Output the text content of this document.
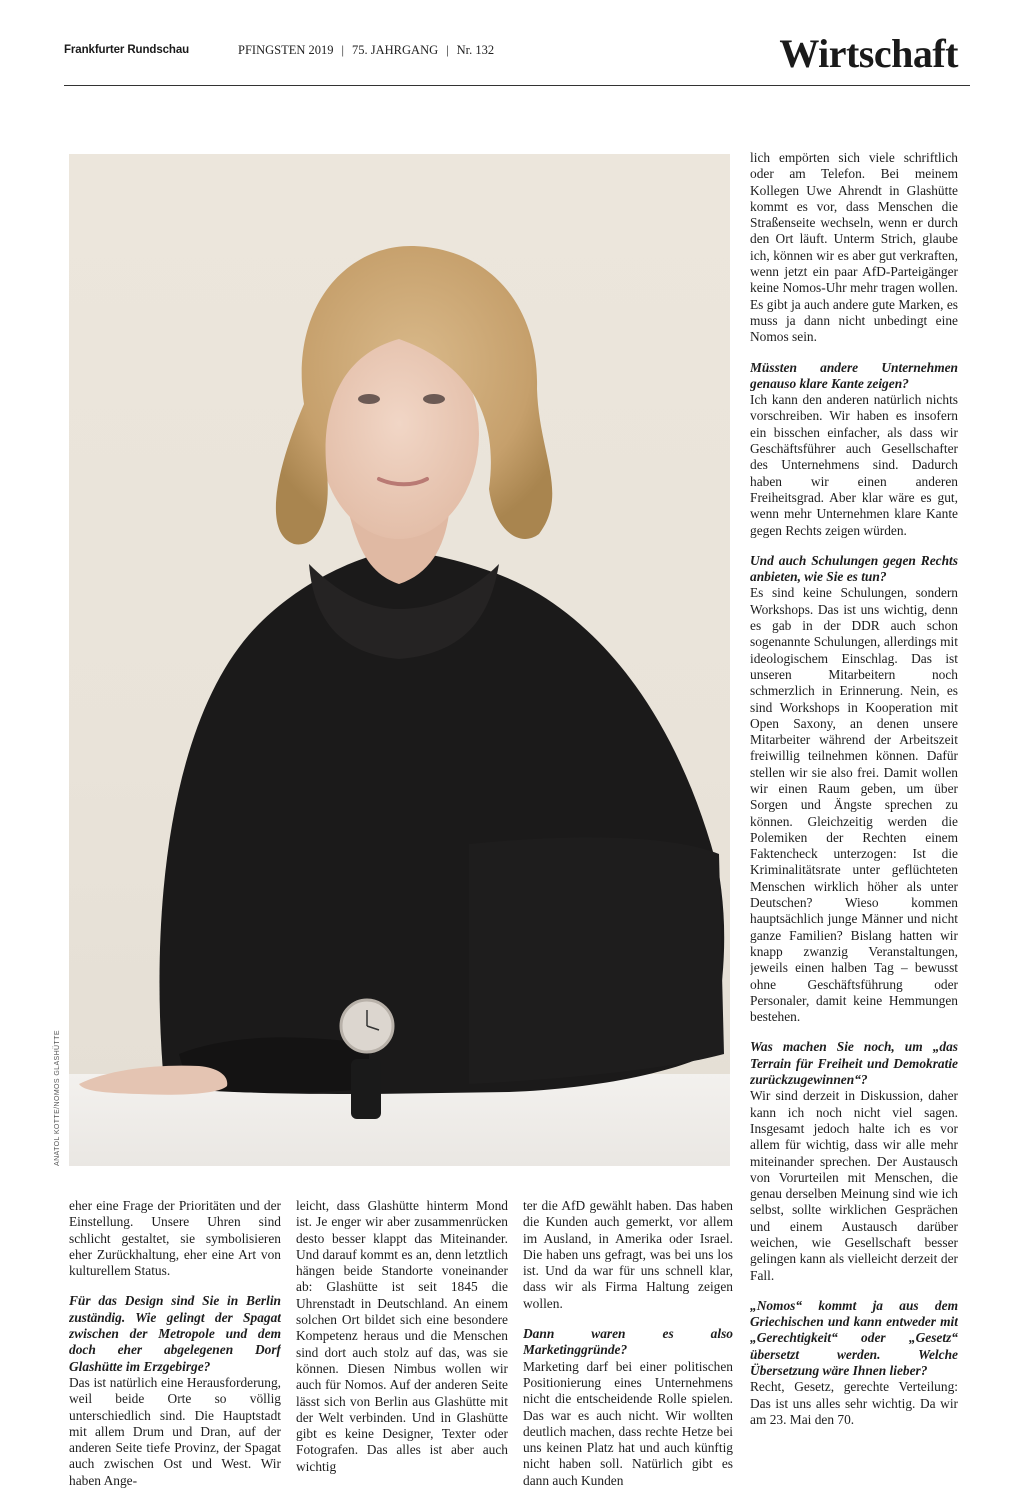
Frankfurter Rundschau	PFINGSTEN 2019 | 75. JAHRGANG | Nr. 132	Wirtschaft
ANATOL KOTTE/NOMOS GLASHÜTTE

lich empörten sich viele schriftlich oder am Telefon. Bei meinem Kollegen Uwe Ahrendt in Glashütte kommt es vor, dass Menschen die Straßenseite wechseln, wenn er durch den Ort läuft. Unterm Strich, glaube ich, können wir es aber gut verkraften, wenn jetzt ein paar AfD-Parteigänger keine Nomos-Uhr mehr tragen wollen. Es gibt ja auch andere gute Marken, es muss ja dann nicht unbedingt eine Nomos sein.

Müssten andere Unternehmen genauso klare Kante zeigen?

Ich kann den anderen natürlich nichts vorschreiben. Wir haben es insofern ein bisschen einfacher, als dass wir Geschäftsführer auch Gesellschafter des Unternehmens sind. Dadurch haben wir einen anderen Freiheitsgrad. Aber klar wäre es gut, wenn mehr Unternehmen klare Kante gegen Rechts zeigen würden.

Und auch Schulungen gegen Rechts anbieten, wie Sie es tun?

Es sind keine Schulungen, sondern Workshops. Das ist uns wichtig, denn es gab in der DDR auch schon sogenannte Schulungen, allerdings mit ideologischem Einschlag. Das ist unseren Mitarbeitern noch schmerzlich in Erinnerung. Nein, es sind Workshops in Kooperation mit Open Saxony, an denen unsere Mitarbeiter während der Arbeitszeit freiwillig teilnehmen können. Dafür stellen wir sie also frei. Damit wollen wir einen Raum geben, um über Sorgen und Ängste sprechen zu können. Gleichzeitig werden die Polemiken der Rechten einem Faktencheck unterzogen: Ist die Kriminalitätsrate unter geflüchteten Menschen wirklich höher als unter Deutschen? Wieso kommen hauptsächlich junge Männer und nicht ganze Familien? Bislang hatten wir knapp zwanzig Veranstaltungen, jeweils einen halben Tag – bewusst ohne Geschäftsführung oder Personaler, damit keine Hemmungen bestehen.

Was machen Sie noch, um „das Terrain für Freiheit und Demokratie zurückzugewinnen“?

Wir sind derzeit in Diskussion, daher kann ich noch nicht viel sagen. Insgesamt jedoch halte ich es vor allem für wichtig, dass wir alle mehr miteinander sprechen. Der Austausch von Vorurteilen mit Menschen, die genau derselben Meinung sind wie ich selbst, sollte wirklichen Gesprächen und einem Austausch darüber weichen, wie Gesellschaft besser gelingen kann als vielleicht derzeit der Fall.

„Nomos“ kommt ja aus dem Griechischen und kann entweder mit „Gerechtigkeit“ oder „Gesetz“ übersetzt werden. Welche Übersetzung wäre Ihnen lieber?

Recht, Gesetz, gerechte Verteilung: Das ist uns alles sehr wichtig. Da wir am 23. Mai den 70.

eher eine Frage der Prioritäten und der Einstellung. Unsere Uhren sind schlicht gestaltet, sie symbolisieren eher Zurückhaltung, eher eine Art von kulturellem Status.

Für das Design sind Sie in Berlin zuständig. Wie gelingt der Spagat zwischen der Metropole und dem doch eher abgelegenen Dorf Glashütte im Erzgebirge?

Das ist natürlich eine Herausforderung, weil beide Orte so völlig unterschiedlich sind. Die Hauptstadt mit allem Drum und Dran, auf der anderen Seite tiefe Provinz, der Spagat auch zwischen Ost und West. Wir haben Ange-

leicht, dass Glashütte hinterm Mond ist. Je enger wir aber zusammenrücken desto besser klappt das Miteinander. Und darauf kommt es an, denn letztlich hängen beide Standorte voneinander ab: Glashütte ist seit 1845 die Uhrenstadt in Deutschland. An einem solchen Ort bildet sich eine besondere Kompetenz heraus und die Menschen sind dort auch stolz auf das, was sie können. Diesen Nimbus wollen wir auch für Nomos. Auf der anderen Seite lässt sich von Berlin aus Glashütte mit der Welt verbinden. Und in Glashütte gibt es keine Designer, Texter oder Fotografen. Das alles ist aber auch wichtig

ter die AfD gewählt haben. Das haben die Kunden auch gemerkt, vor allem im Ausland, in Amerika oder Israel. Die haben uns gefragt, was bei uns los ist. Und da war für uns schnell klar, dass wir als Firma Haltung zeigen wollen.

Dann waren es also Marketinggründe?

Marketing darf bei einer politischen Positionierung eines Unternehmens nicht die entscheidende Rolle spielen. Das war es auch nicht. Wir wollten deutlich machen, dass rechte Hetze bei uns keinen Platz hat und auch künftig nicht haben soll. Natürlich gibt es dann auch Kunden
